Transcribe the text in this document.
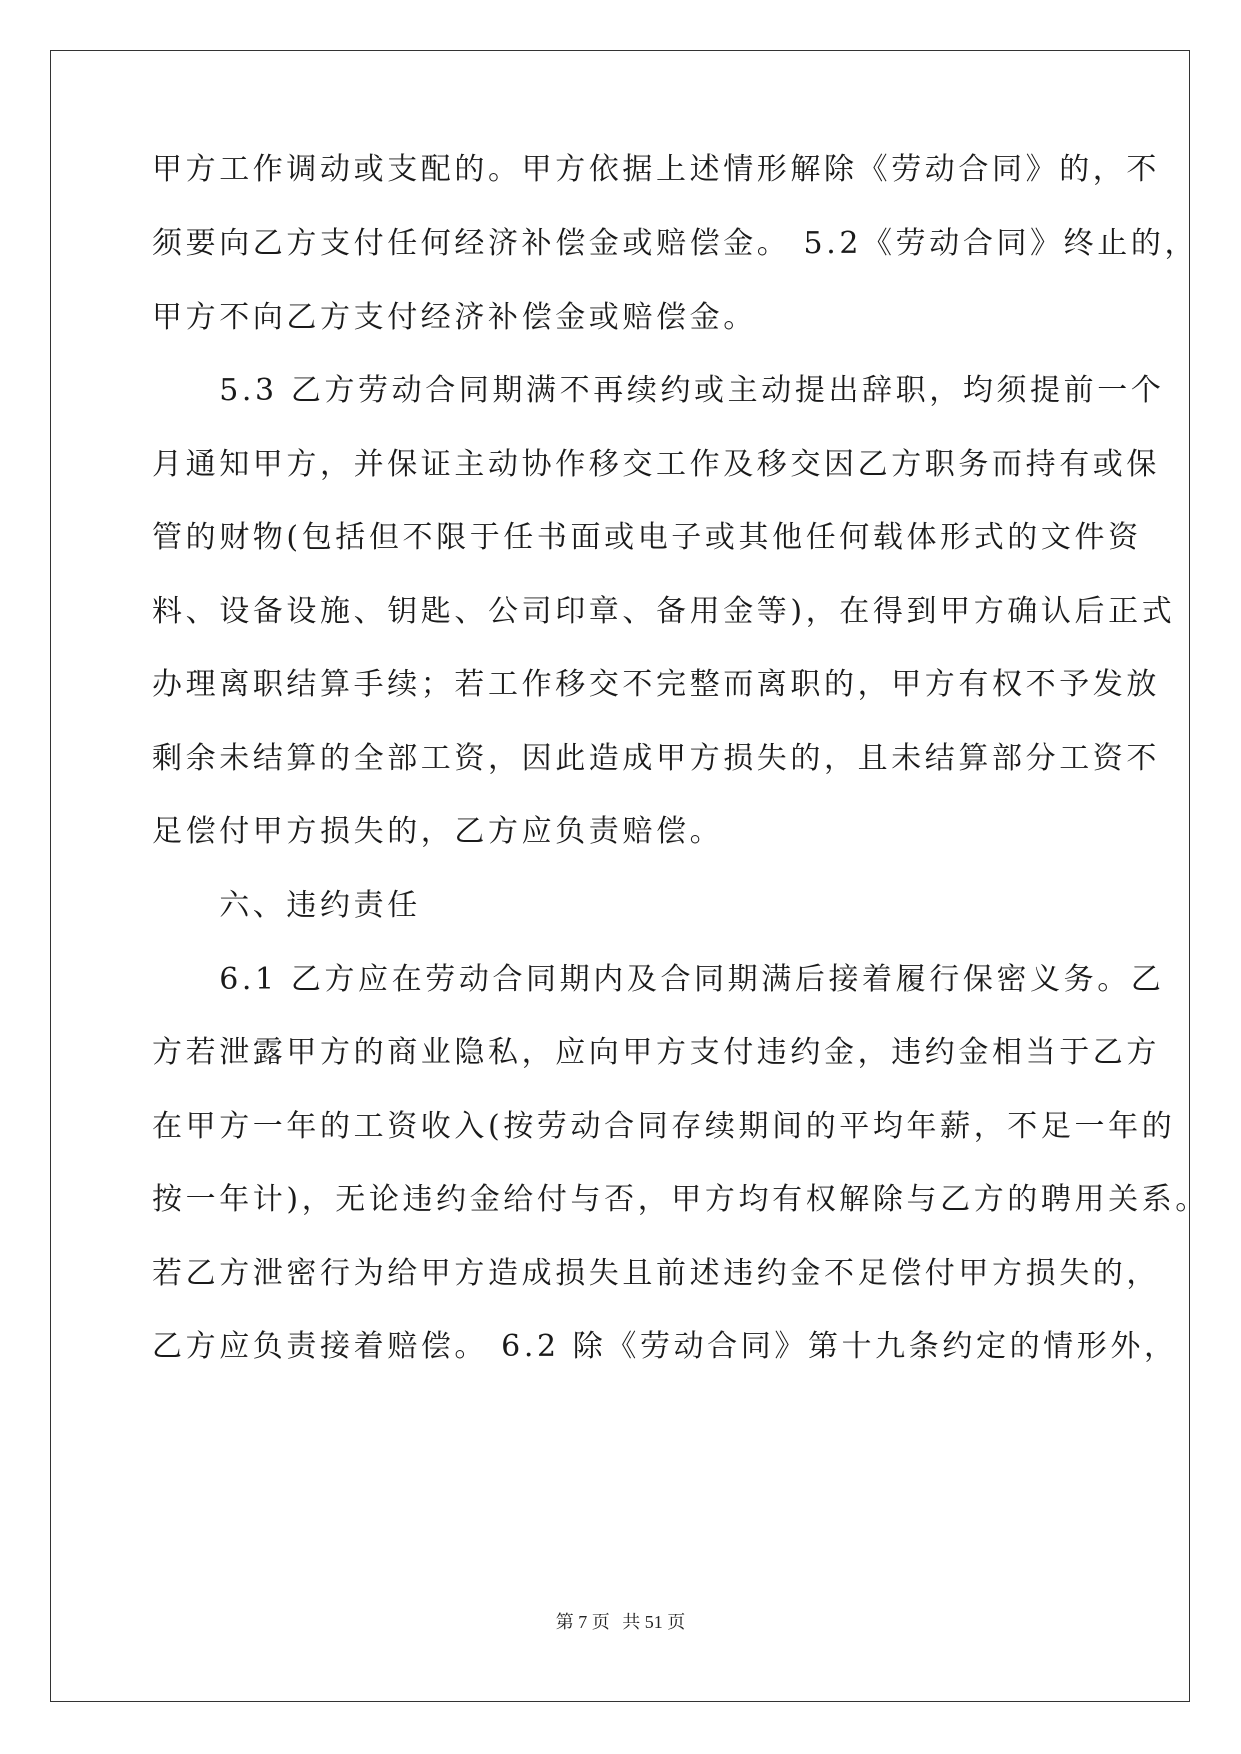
甲方工作调动或支配的。甲方依据上述情形解除《劳动合同》的，不
须要向乙方支付任何经济补偿金或赔偿金。 5.2《劳动合同》终止的，
甲方不向乙方支付经济补偿金或赔偿金。
　　5.3 乙方劳动合同期满不再续约或主动提出辞职，均须提前一个
月通知甲方，并保证主动协作移交工作及移交因乙方职务而持有或保
管的财物(包括但不限于任书面或电子或其他任何载体形式的文件资
料、设备设施、钥匙、公司印章、备用金等)，在得到甲方确认后正式
办理离职结算手续；若工作移交不完整而离职的，甲方有权不予发放
剩余未结算的全部工资，因此造成甲方损失的，且未结算部分工资不
足偿付甲方损失的，乙方应负责赔偿。
　　六、违约责任
　　6.1 乙方应在劳动合同期内及合同期满后接着履行保密义务。乙
方若泄露甲方的商业隐私，应向甲方支付违约金，违约金相当于乙方
在甲方一年的工资收入(按劳动合同存续期间的平均年薪，不足一年的
按一年计)，无论违约金给付与否，甲方均有权解除与乙方的聘用关系。
若乙方泄密行为给甲方造成损失且前述违约金不足偿付甲方损失的，
乙方应负责接着赔偿。 6.2 除《劳动合同》第十九条约定的情形外，
第 7 页 共 51 页
